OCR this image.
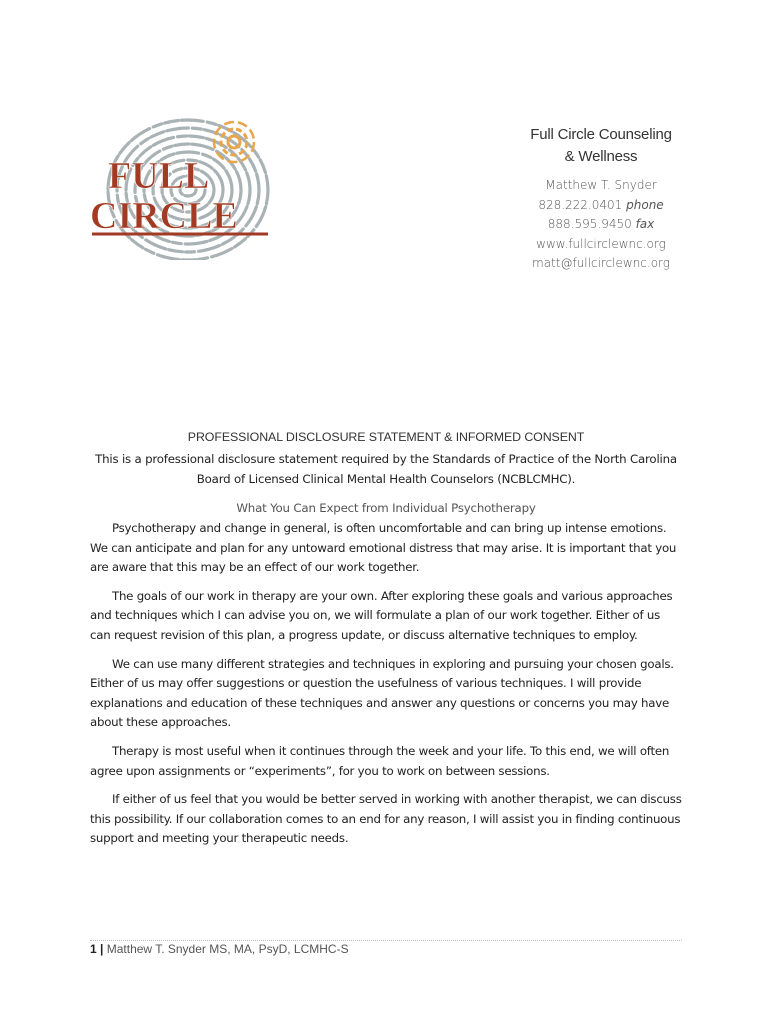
FULL
CIRCLE
Full Circle Counseling
& Wellness
Matthew T. Snyder
828.222.0401 phone
888.595.9450 fax
www.fullcirclewnc.org
matt@fullcirclewnc.org
PROFESSIONAL DISCLOSURE STATEMENT & INFORMED CONSENT
This is a professional disclosure statement required by the Standards of Practice of the North Carolina Board of Licensed Clinical Mental Health Counselors (NCBLCMHC).
What You Can Expect from Individual Psychotherapy

Psychotherapy and change in general, is often uncomfortable and can bring up intense emotions. We can anticipate and plan for any untoward emotional distress that may arise. It is important that you are aware that this may be an effect of our work together.

The goals of our work in therapy are your own. After exploring these goals and various approaches and techniques which I can advise you on, we will formulate a plan of our work together. Either of us can request revision of this plan, a progress update, or discuss alternative techniques to employ.

We can use many different strategies and techniques in exploring and pursuing your chosen goals. Either of us may offer suggestions or question the usefulness of various techniques. I will provide explanations and education of these techniques and answer any questions or concerns you may have about these approaches.

Therapy is most useful when it continues through the week and your life. To this end, we will often agree upon assignments or “experiments”, for you to work on between sessions.

If either of us feel that you would be better served in working with another therapist, we can discuss this possibility. If our collaboration comes to an end for any reason, I will assist you in finding continuous support and meeting your therapeutic needs.

1 | Matthew T. Snyder MS, MA, PsyD, LCMHC-S
